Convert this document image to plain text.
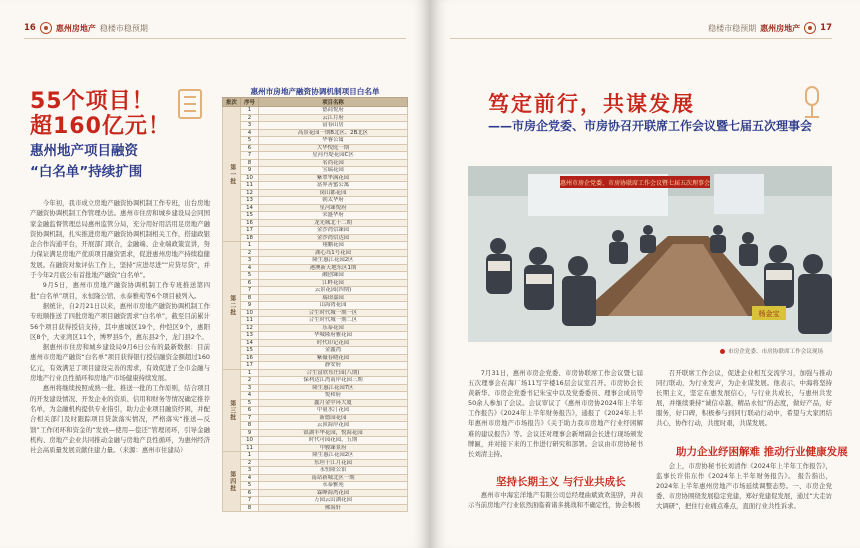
16	惠州房地产 稳楼市稳预期
55个项目！
超160亿元！
惠州地产项目融资
“白名单”持续扩围

今年初，我市成立房地产融资协调机制工作专班，出台房地产融资协调机制工作管理办法。惠州市住房和城乡建设局会同国家金融监督管理总局惠州监管分局，充分用好用活用足房地产融资协调机制，扎实推进房地产融资协调机制相关工作，搭建政银企合作沟通平台，开展部门联合，金融端、企业端政策宣讲，努力保证满足房地产优质项目融资需求，促进惠州房地产持续稳健发展。在融资对象评估工作上，坚持“应进尽进”“应贷尽贷”，并于今年2月底公布首批地产融资“白名单”。

9月5日，惠州市房地产融资协调机制工作专班推送第四批“白名单”项目，永恒隆公馆、永泰雅苑等6个项目被列入。

据统计，自2月21日以来，惠州市房地产融资协调机制工作专班顺推送了四批房地产项目融资需求“白名单”，截至目前累计56个项目获得授信支持，其中惠城区19个，仲恺区9个，惠阳区8个，大亚湾区11个，博罗县5个，惠东县2个，龙门县2个。

据惠州市住房和城乡建设局9月6日公布的最新数据：目前惠州市房地产融资“白名单”项目获得银行授信融资金额超过160亿元，有效满足了项目建设完善的需求，有效促进了全市金融与房地产行业良性循环和房地产市场健康持续发展。

惠州将继续按照成熟一批、推送一批的工作原则，结合项目的开发建设情况、开发企业的资质、信用和财务等情况确定推荐名单，为金融机构提供专业指引，助力企业项目融资纾困，并配合相关部门及时跟踪项目贷款落实情况，严格落实“推送—反馈”工作闭环和资金的“发放—使用—偿还”管理闭环，引导金融机构、房地产企业共同推动金融与房地产良性循环，为惠州经济社会高质量发展贡献住建力量。（来源：惠州市住建局）

惠州市房地产融资协调机制项目白名单
批次	序号	项目名称
第一批	1	德商悦府
	2	云江月府
	3	富春山居
	4	高景花园一期B北区、2B北区
	5	华睿公寓
	6	大华悦庭一期
	7	星河丹堤花园C区
	8	名尚花园
	9	宝瑞花园
	10	紫翠华满花园
	11	富界善蜜公寓
	12	岗山郡花园
	13	朝太华府
	14	星河臻悦府
	15	荣盛华府
	16	龙光城北十二期
	17	金沙湾信臻园
	18	金沙湾信达园
第二批	1	翔鹏花园
	2	湖心岛1号花园
	3	隆生惠江花园2区
	4	港澳新天地东区1期
	5	融创臻园
	6	江畔花园
	7	云景花园(四期)
	8	瑞璟嘉园
	9	山海湾花园
	10	合生时代城一期一区
	11	合生时代城一期二区
	12	乐泰花园
	13	华城隆府雅花园
	14	时代印记花园
	15	金鑫湾
	16	紫薇春晓花园
	17	静安府
第三批	1	合生富欣东庄园(八期)
	2	保利达江湾南岸花园三期
	3	隆生惠江花园7区
	4	悦和府
	5	鑫月金中环大厦
	6	中量水汀花园
	7	新德园花园
	8	云顶海岸花园
	9	银湖丰华花园，悦海花园
	10	时代可园花园，五期
	11	中骏臻景府
第四批	1	隆生惠江花园2区
	2	东坦千江月花园
	3	永恒隆公馆
	4	南站新城北区一期
	5	永泰雅苑
	6	霖峰海湾花园
	7	万园云山湖花园
	8	佛海轩
稳楼市稳预期 惠州房地产 17
笃定前行，共谋发展
——市房企党委、市房协召开联席工作会议暨七届五次理事会
惠州市房企党委、市房协联席工作会议暨七届五次理事会
杨金宝
市房企党委、市房协联席工作会议现场

7月31日，惠州市房企党委、市房协联席工作会议暨七届五次理事会在海厂场11写字楼16层会议室召开。市房协会长黄新华、市房企党委书记朱宝中以及党委委员、理事会成员等50余人参加了会议。会议审议了《惠州市房协2024年上半年工作报告》《2024年上半年财务报告》，通报了《2024年上半年惠州市房地产市场报告》《关于助力我市房地产行业纾困解难的建议报告》等。会议还对理事会新增副会长进行现场颁发牌匾，并对接下来的工作进行研究和部署。会议由市房协秘书长刘清主持。

坚持长期主义 与行业共成长

惠州市中海宏洋地产有限公司总经理曲斌致欢迎辞，并表示当前房地产行业依然面临着诸多挑战和不确定性，协会积极

召开联席工作会议，促进企业相互交流学习，加强与推动同行联动，为行业发声，为企业谋发展。他表示，中海将坚持长期主义，坚定在惠发展信心，与行业共成长，与惠州共发展，并继续秉持“诚信卓越，精品永恒”的态度，做好产品，好服务，好口碑，积极参与到同行联动行动中，希望与大家团结共心，协作行动，共度时艰，共谋发展。

助力企业纾困解难 推动行业健康发展

会上，市房协秘书长刘清作《2024年上半年工作报告》，监事长许伟东作《2024年上半年财务报告》。 报告指出，2024年上半年惠州房地产市场延续调整态势。一、市房企党委、市房协围绕发展稳定党建，郑好党建促发展，通过“大走访 大调研”，把住行业痛点难点，直面行业共性诉求。
